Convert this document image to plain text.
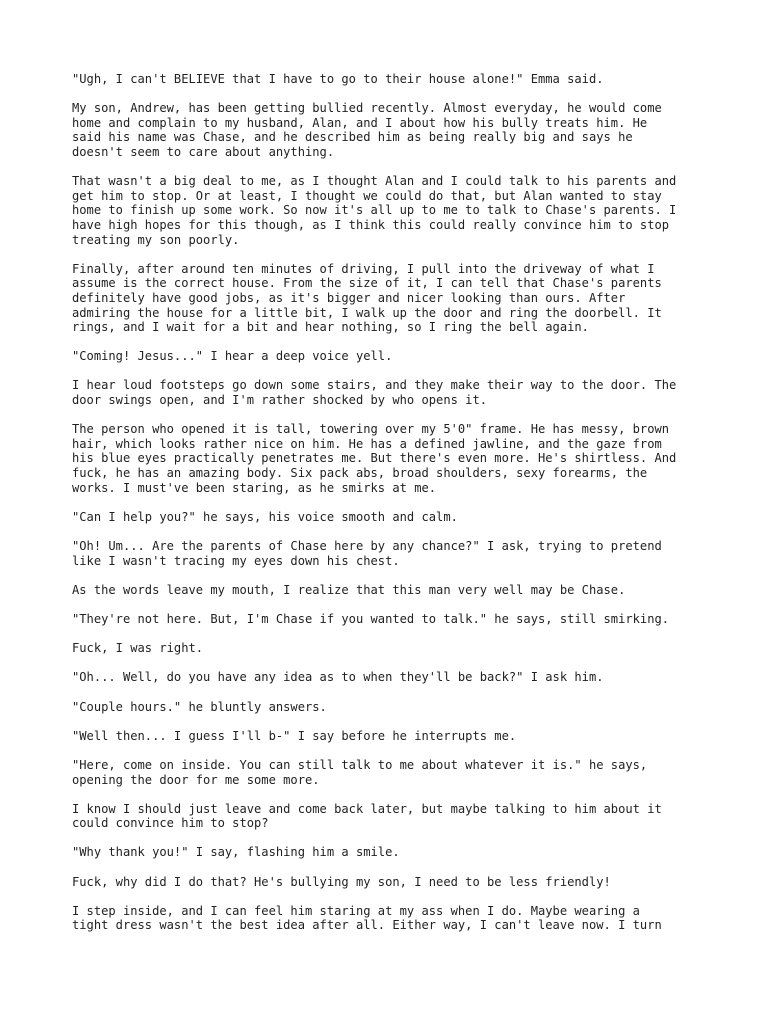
"Ugh, I can't BELIEVE that I have to go to their house alone!" Emma said.

My son, Andrew, has been getting bullied recently. Almost everyday, he would come
home and complain to my husband, Alan, and I about how his bully treats him. He
said his name was Chase, and he described him as being really big and says he
doesn't seem to care about anything.

That wasn't a big deal to me, as I thought Alan and I could talk to his parents and
get him to stop. Or at least, I thought we could do that, but Alan wanted to stay
home to finish up some work. So now it's all up to me to talk to Chase's parents. I
have high hopes for this though, as I think this could really convince him to stop
treating my son poorly.

Finally, after around ten minutes of driving, I pull into the driveway of what I
assume is the correct house. From the size of it, I can tell that Chase's parents
definitely have good jobs, as it's bigger and nicer looking than ours. After
admiring the house for a little bit, I walk up the door and ring the doorbell. It
rings, and I wait for a bit and hear nothing, so I ring the bell again.

"Coming! Jesus..." I hear a deep voice yell.

I hear loud footsteps go down some stairs, and they make their way to the door. The
door swings open, and I'm rather shocked by who opens it.

The person who opened it is tall, towering over my 5'0" frame. He has messy, brown
hair, which looks rather nice on him. He has a defined jawline, and the gaze from
his blue eyes practically penetrates me. But there's even more. He's shirtless. And
fuck, he has an amazing body. Six pack abs, broad shoulders, sexy forearms, the
works. I must've been staring, as he smirks at me.

"Can I help you?" he says, his voice smooth and calm.

"Oh! Um... Are the parents of Chase here by any chance?" I ask, trying to pretend
like I wasn't tracing my eyes down his chest.

As the words leave my mouth, I realize that this man very well may be Chase.

"They're not here. But, I'm Chase if you wanted to talk." he says, still smirking.

Fuck, I was right.

"Oh... Well, do you have any idea as to when they'll be back?" I ask him.

"Couple hours." he bluntly answers.

"Well then... I guess I'll b-" I say before he interrupts me.

"Here, come on inside. You can still talk to me about whatever it is." he says,
opening the door for me some more.

I know I should just leave and come back later, but maybe talking to him about it
could convince him to stop?

"Why thank you!" I say, flashing him a smile.

Fuck, why did I do that? He's bullying my son, I need to be less friendly!

I step inside, and I can feel him staring at my ass when I do. Maybe wearing a
tight dress wasn't the best idea after all. Either way, I can't leave now. I turn
